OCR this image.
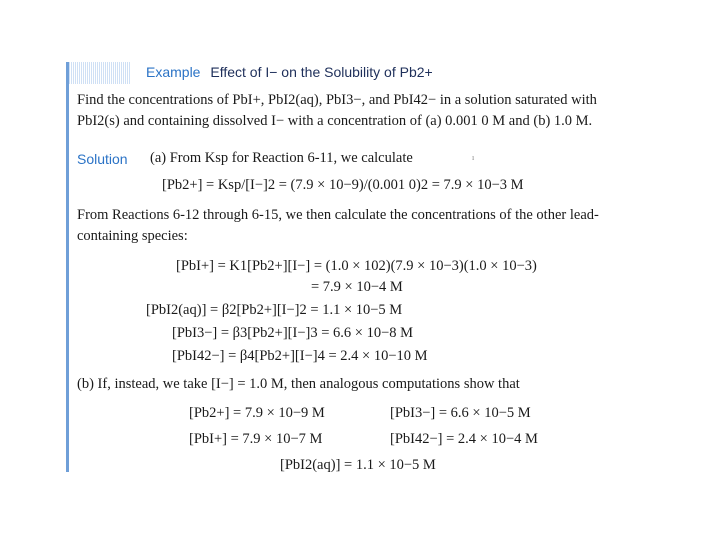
Example Effect of I− on the Solubility of Pb2+
Find the concentrations of PbI+, PbI2(aq), PbI3−, and PbI42− in a solution saturated with
PbI2(s) and containing dissolved I− with a concentration of (a) 0.001 0 M and (b) 1.0 M.
Solution (a) From Ksp for Reaction 6-11, we calculate	ı
[Pb2+] = Ksp/[I−]2 = (7.9 × 10−9)/(0.001 0)2 = 7.9 × 10−3 M
From Reactions 6-12 through 6-15, we then calculate the concentrations of the other lead-
containing species:
[PbI+] = K1[Pb2+][I−] = (1.0 × 102)(7.9 × 10−3)(1.0 × 10−3)
= 7.9 × 10−4 M
[PbI2(aq)] = β2[Pb2+][I−]2 = 1.1 × 10−5 M
[PbI3−] = β3[Pb2+][I−]3 = 6.6 × 10−8 M
[PbI42−] = β4[Pb2+][I−]4 = 2.4 × 10−10 M
(b) If, instead, we take [I−] = 1.0 M, then analogous computations show that
[Pb2+] = 7.9 × 10−9 M	[PbI3−] = 6.6 × 10−5 M
[PbI+] = 7.9 × 10−7 M	[PbI42−] = 2.4 × 10−4 M
[PbI2(aq)] = 1.1 × 10−5 M
